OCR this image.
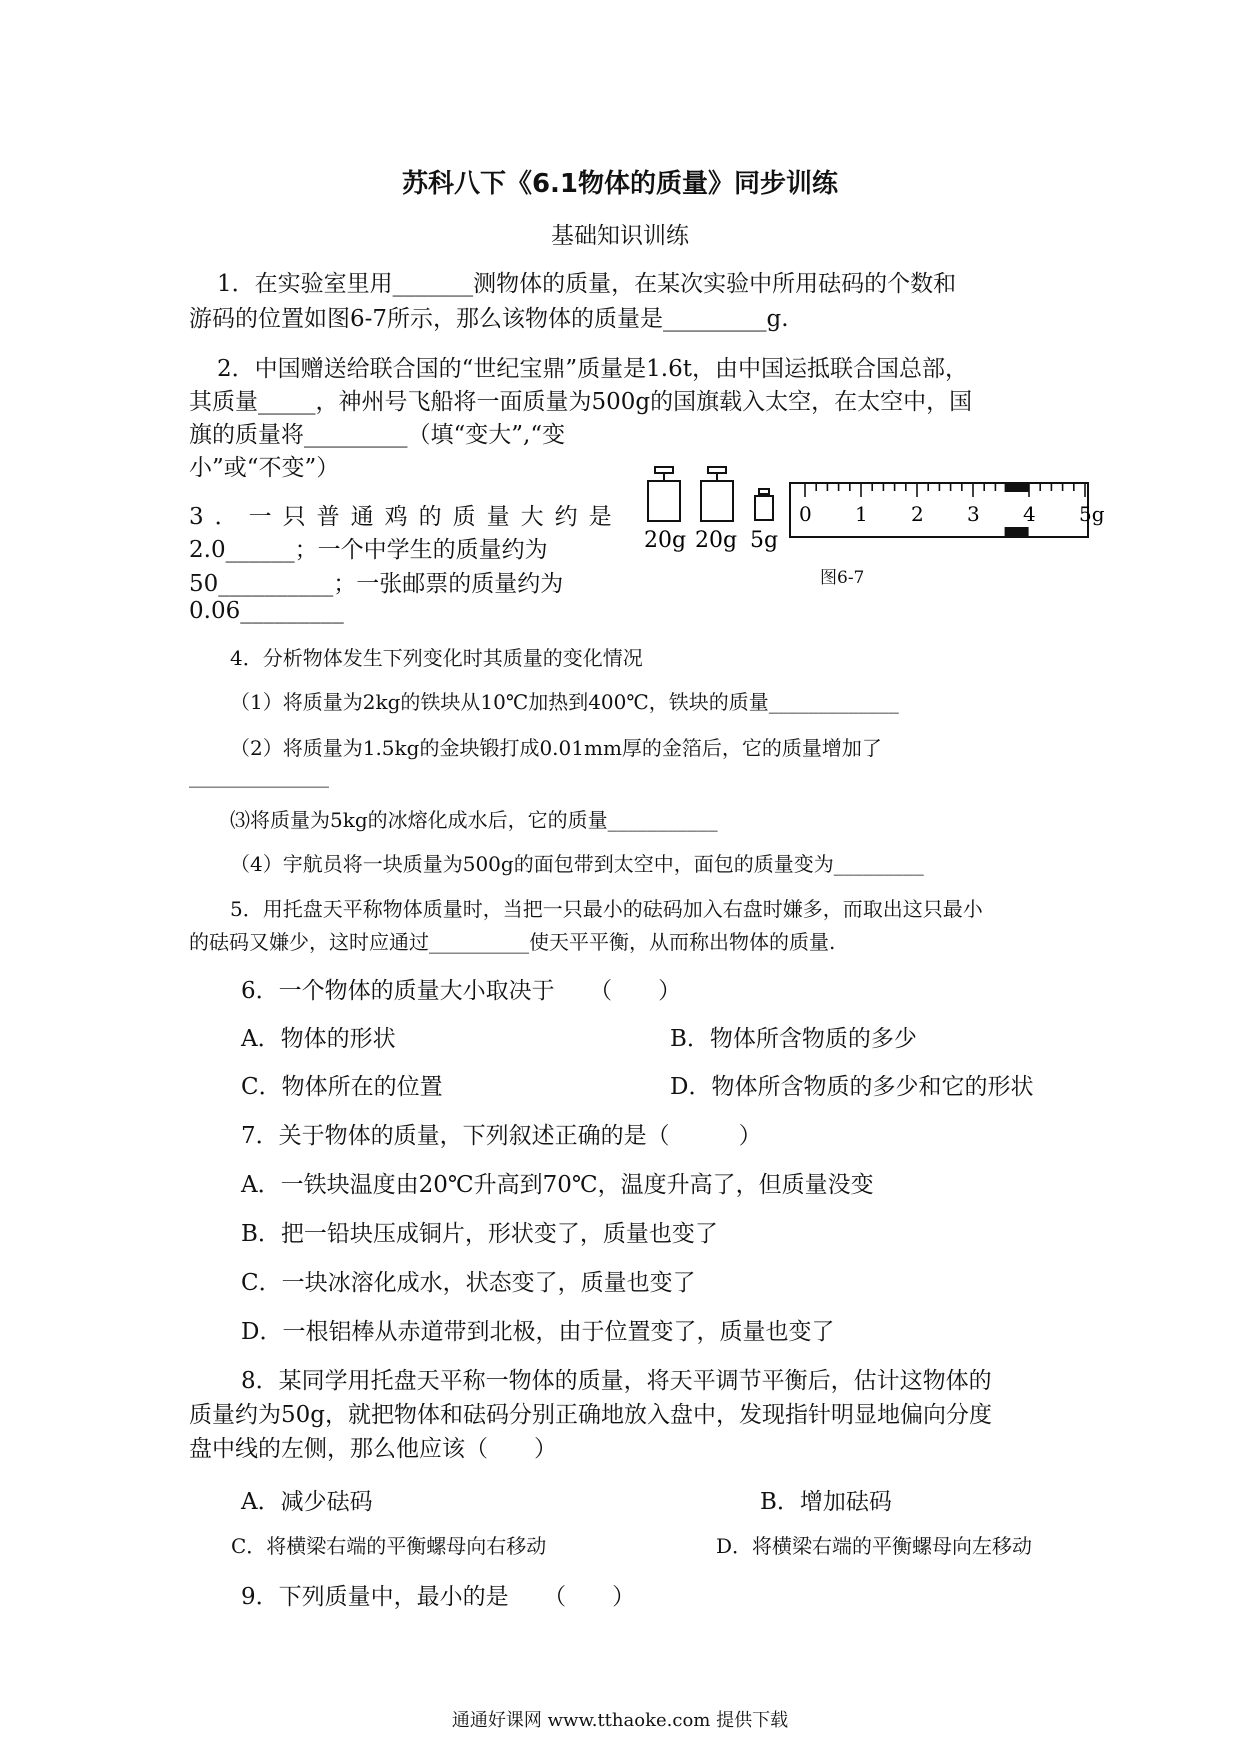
苏科八下《6.1物体的质量》同步训练
基础知识训练
1．在实验室里用_______测物体的质量，在某次实验中所用砝码的个数和
游码的位置如图6-7所示，那么该物体的质量是_________g.
2．中国赠送给联合国的“世纪宝鼎”质量是1.6t，由中国运抵联合国总部，
其质量_____，神州号飞船将一面质量为500g的国旗载入太空，在太空中，国
旗的质量将_________（填“变大”,“变
小”或“不变”）
3．一只普通鸡的质量大约是
2.0______；一个中学生的质量约为
50__________；一张邮票的质量约为
0.06_________
20g 20g 5g
0 1 2 3 4 5g
图6-7
4．分析物体发生下列变化时其质量的变化情况
（1）将质量为2kg的铁块从10℃加热到400℃，铁块的质量_____________
（2）将质量为1.5kg的金块锻打成0.01mm厚的金箔后，它的质量增加了
______________
⑶将质量为5kg的冰熔化成水后，它的质量___________
（4）宇航员将一块质量为500g的面包带到太空中，面包的质量变为_________
5．用托盘天平称物体质量时，当把一只最小的砝码加入右盘时嫌多，而取出这只最小
的砝码又嫌少，这时应通过__________使天平平衡，从而称出物体的质量.
6．一个物体的质量大小取决于　　（　　）
A．物体的形状	B．物体所含物质的多少
C．物体所在的位置	D．物体所含物质的多少和它的形状
7．关于物体的质量，下列叙述正确的是（　　　）
A．一铁块温度由20℃升高到70℃，温度升高了，但质量没变
B．把一铅块压成铜片，形状变了，质量也变了
C．一块冰溶化成水，状态变了，质量也变了
D．一根铝棒从赤道带到北极，由于位置变了，质量也变了
8．某同学用托盘天平称一物体的质量，将天平调节平衡后，估计这物体的
质量约为50g，就把物体和砝码分别正确地放入盘中，发现指针明显地偏向分度
盘中线的左侧，那么他应该（　　）
A．减少砝码	B．增加砝码
C．将横梁右端的平衡螺母向右移动	D．将横梁右端的平衡螺母向左移动
9．下列质量中，最小的是　　（　　）
通通好课网 www.tthaoke.com 提供下载
